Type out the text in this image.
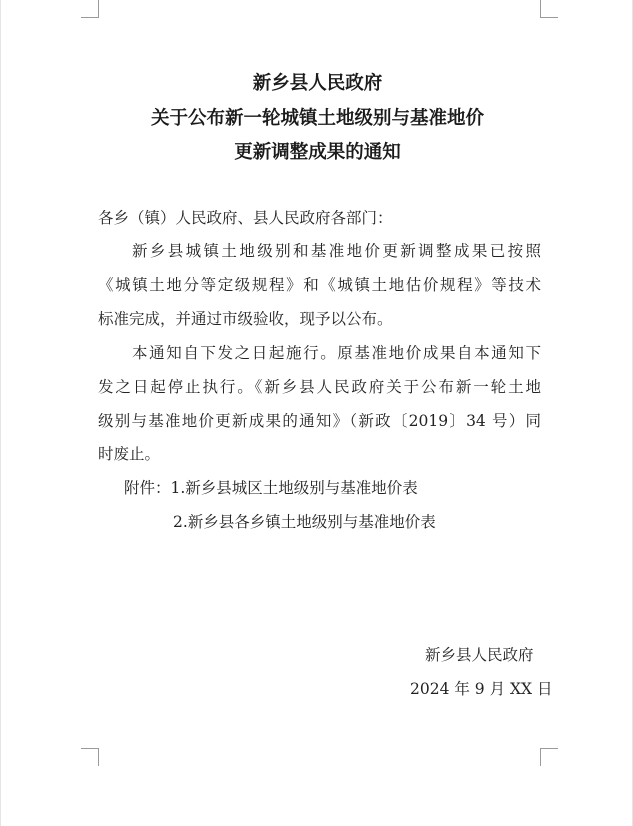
新乡县人民政府
关于公布新一轮城镇土地级别与基准地价
更新调整成果的通知
各乡（镇）人民政府、县人民政府各部门：
新乡县城镇土地级别和基准地价更新调整成果已按照
《城镇土地分等定级规程》和《城镇土地估价规程》等技术
标准完成，并通过市级验收，现予以公布。
本通知自下发之日起施行。原基准地价成果自本通知下
发之日起停止执行。《新乡县人民政府关于公布新一轮土地
级别与基准地价更新成果的通知》（新政〔2019〕34 号）同
时废止。
附件：1.新乡县城区土地级别与基准地价表
2.新乡县各乡镇土地级别与基准地价表
新乡县人民政府
2024 年 9 月 XX 日
